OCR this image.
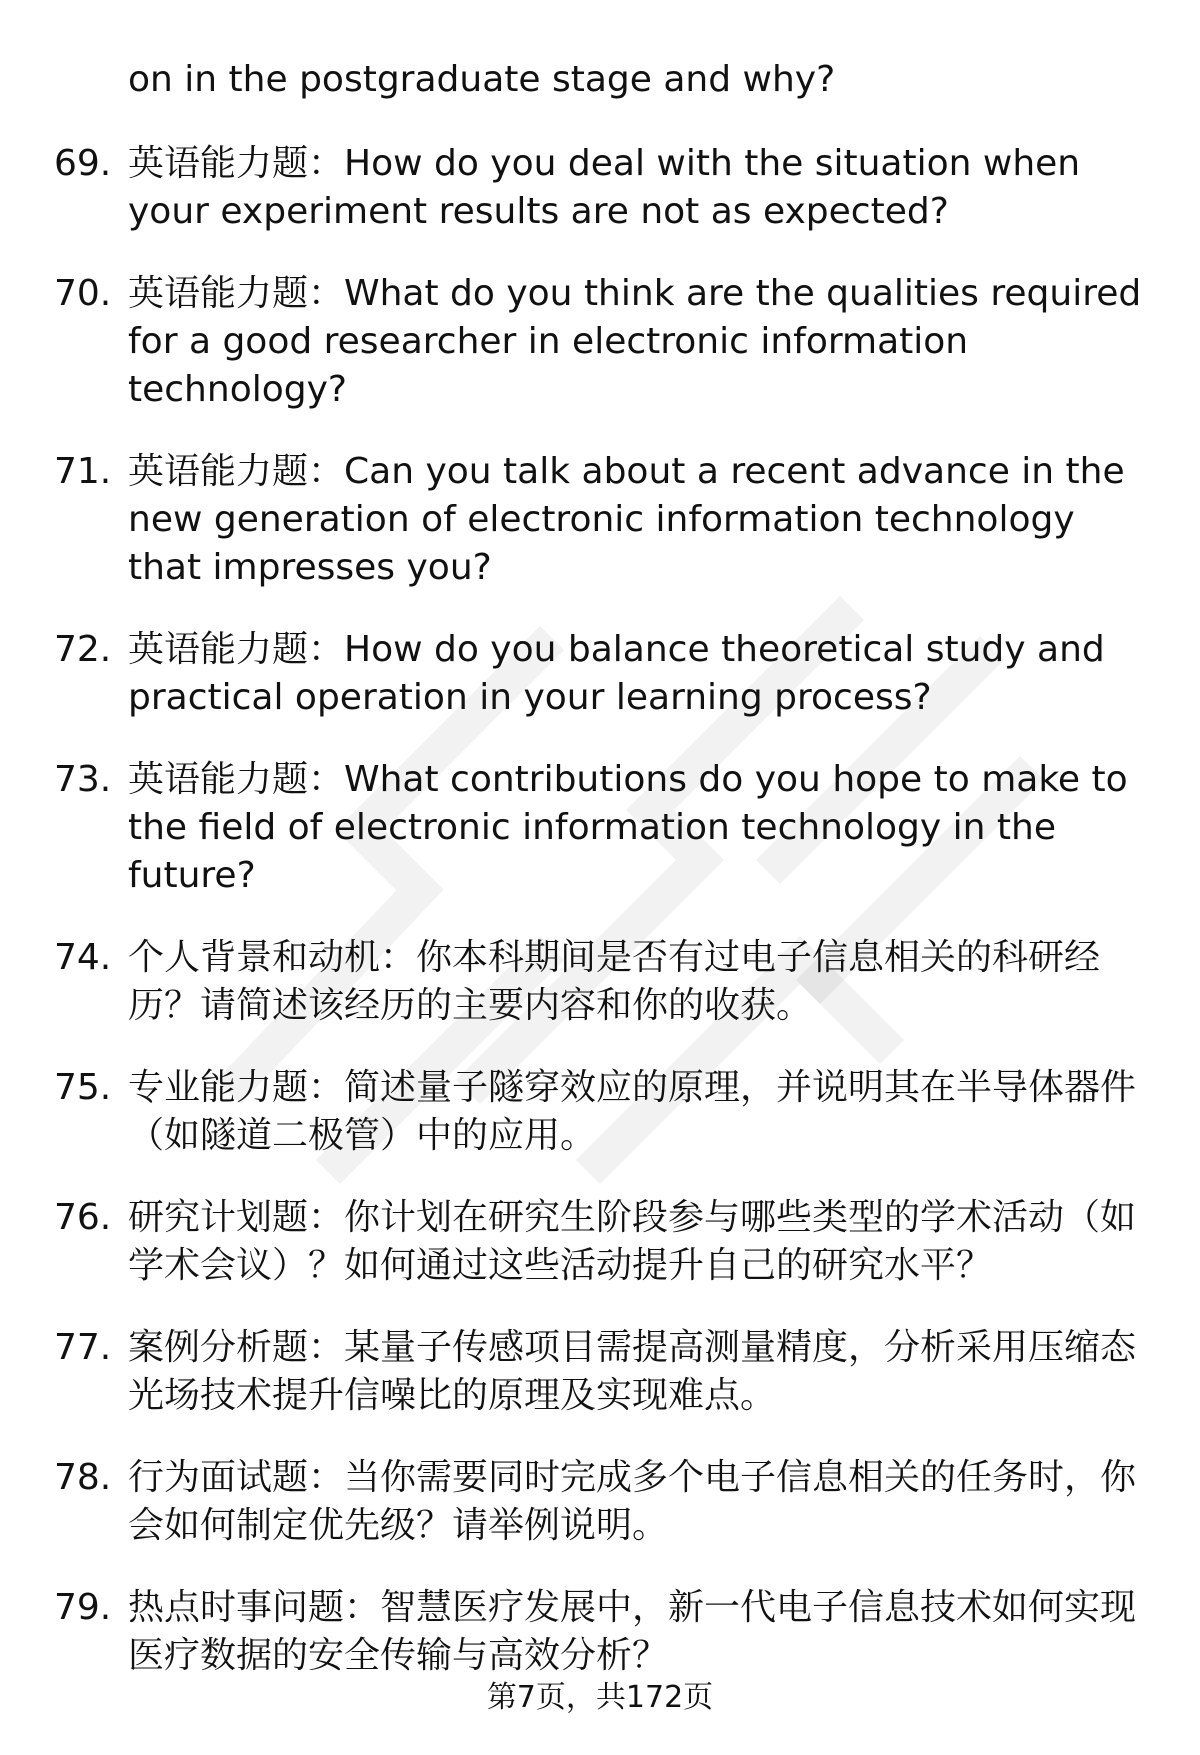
on in the postgraduate stage and why?
69. 英语能力题：How do you deal with the situation when your experiment results are not as expected?
70. 英语能力题：What do you think are the qualities required for a good researcher in electronic information technology?
71. 英语能力题：Can you talk about a recent advance in the new generation of electronic information technology that impresses you?
72. 英语能力题：How do you balance theoretical study and practical operation in your learning process?
73. 英语能力题：What contributions do you hope to make to the field of electronic information technology in the future?
74. 个人背景和动机：你本科期间是否有过电子信息相关的科研经历？请简述该经历的主要内容和你的收获。
75. 专业能力题：简述量子隧穿效应的原理，并说明其在半导体器件（如隧道二极管）中的应用。
76. 研究计划题：你计划在研究生阶段参与哪些类型的学术活动（如学术会议）？如何通过这些活动提升自己的研究水平？
77. 案例分析题：某量子传感项目需提高测量精度，分析采用压缩态光场技术提升信噪比的原理及实现难点。
78. 行为面试题：当你需要同时完成多个电子信息相关的任务时，你会如何制定优先级？请举例说明。
79. 热点时事问题：智慧医疗发展中，新一代电子信息技术如何实现医疗数据的安全传输与高效分析？
第7页，共172页
